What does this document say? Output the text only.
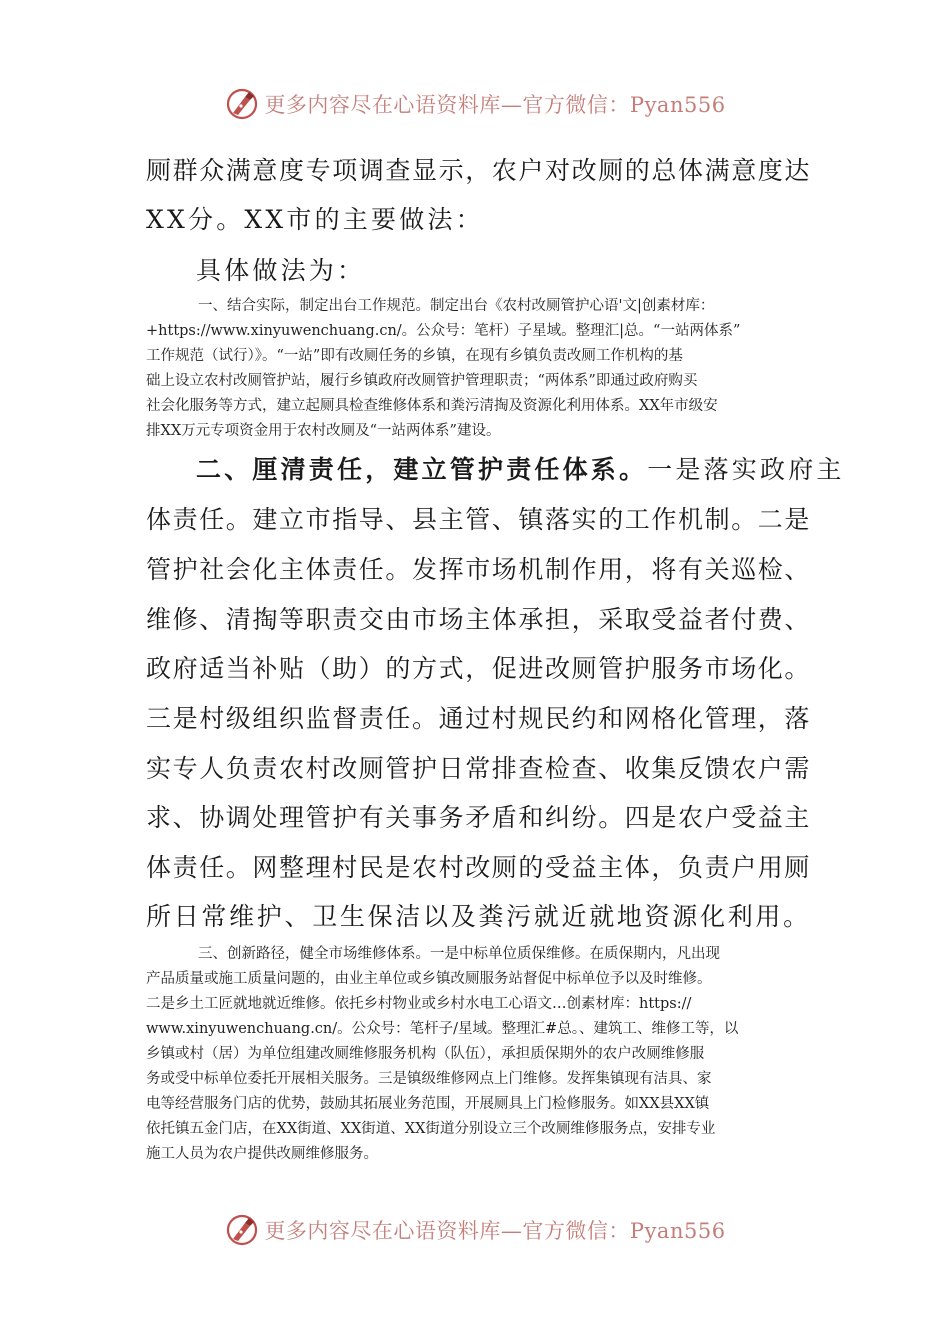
更多内容尽在心语资料库—官方微信：Pyan556

厕群众满意度专项调查显示，农户对改厕的总体满意度达

XX分。XX市的主要做法：

具体做法为：

一、结合实际，制定出台工作规范。制定出台《农村改厕管护心语'文|创素材库：

+https://www.xinyuwenchuang.cn/。公众号：笔杆）子星域。整理汇|总。“一站两体系”

工作规范（试行）》。“一站”即有改厕任务的乡镇，在现有乡镇负责改厕工作机构的基

础上设立农村改厕管护站，履行乡镇政府改厕管护管理职责；“两体系”即通过政府购买

社会化服务等方式，建立起厕具检查维修体系和粪污清掏及资源化利用体系。XX年市级安

排XX万元专项资金用于农村改厕及“一站两体系”建设。

二、厘清责任，建立管护责任体系。一是落实政府主

体责任。建立市指导、县主管、镇落实的工作机制。二是

管护社会化主体责任。发挥市场机制作用，将有关巡检、

维修、清掏等职责交由市场主体承担，采取受益者付费、

政府适当补贴（助）的方式，促进改厕管护服务市场化。

三是村级组织监督责任。通过村规民约和网格化管理，落

实专人负责农村改厕管护日常排查检查、收集反馈农户需

求、协调处理管护有关事务矛盾和纠纷。四是农户受益主

体责任。网整理村民是农村改厕的受益主体，负责户用厕

所日常维护、卫生保洁以及粪污就近就地资源化利用。

三、创新路径，健全市场维修体系。一是中标单位质保维修。在质保期内，凡出现

产品质量或施工质量问题的，由业主单位或乡镇改厕服务站督促中标单位予以及时维修。

二是乡土工匠就地就近维修。依托乡村物业或乡村水电工心语文…创素材库：https://

www.xinyuwenchuang.cn/。公众号：笔杆子/星域。整理汇#总。、建筑工、维修工等，以

乡镇或村（居）为单位组建改厕维修服务机构（队伍），承担质保期外的农户改厕维修服

务或受中标单位委托开展相关服务。三是镇级维修网点上门维修。发挥集镇现有洁具、家

电等经营服务门店的优势，鼓励其拓展业务范围，开展厕具上门检修服务。如XX县XX镇

依托镇五金门店，在XX街道、XX街道、XX街道分别设立三个改厕维修服务点，安排专业

施工人员为农户提供改厕维修服务。

更多内容尽在心语资料库—官方微信：Pyan556
